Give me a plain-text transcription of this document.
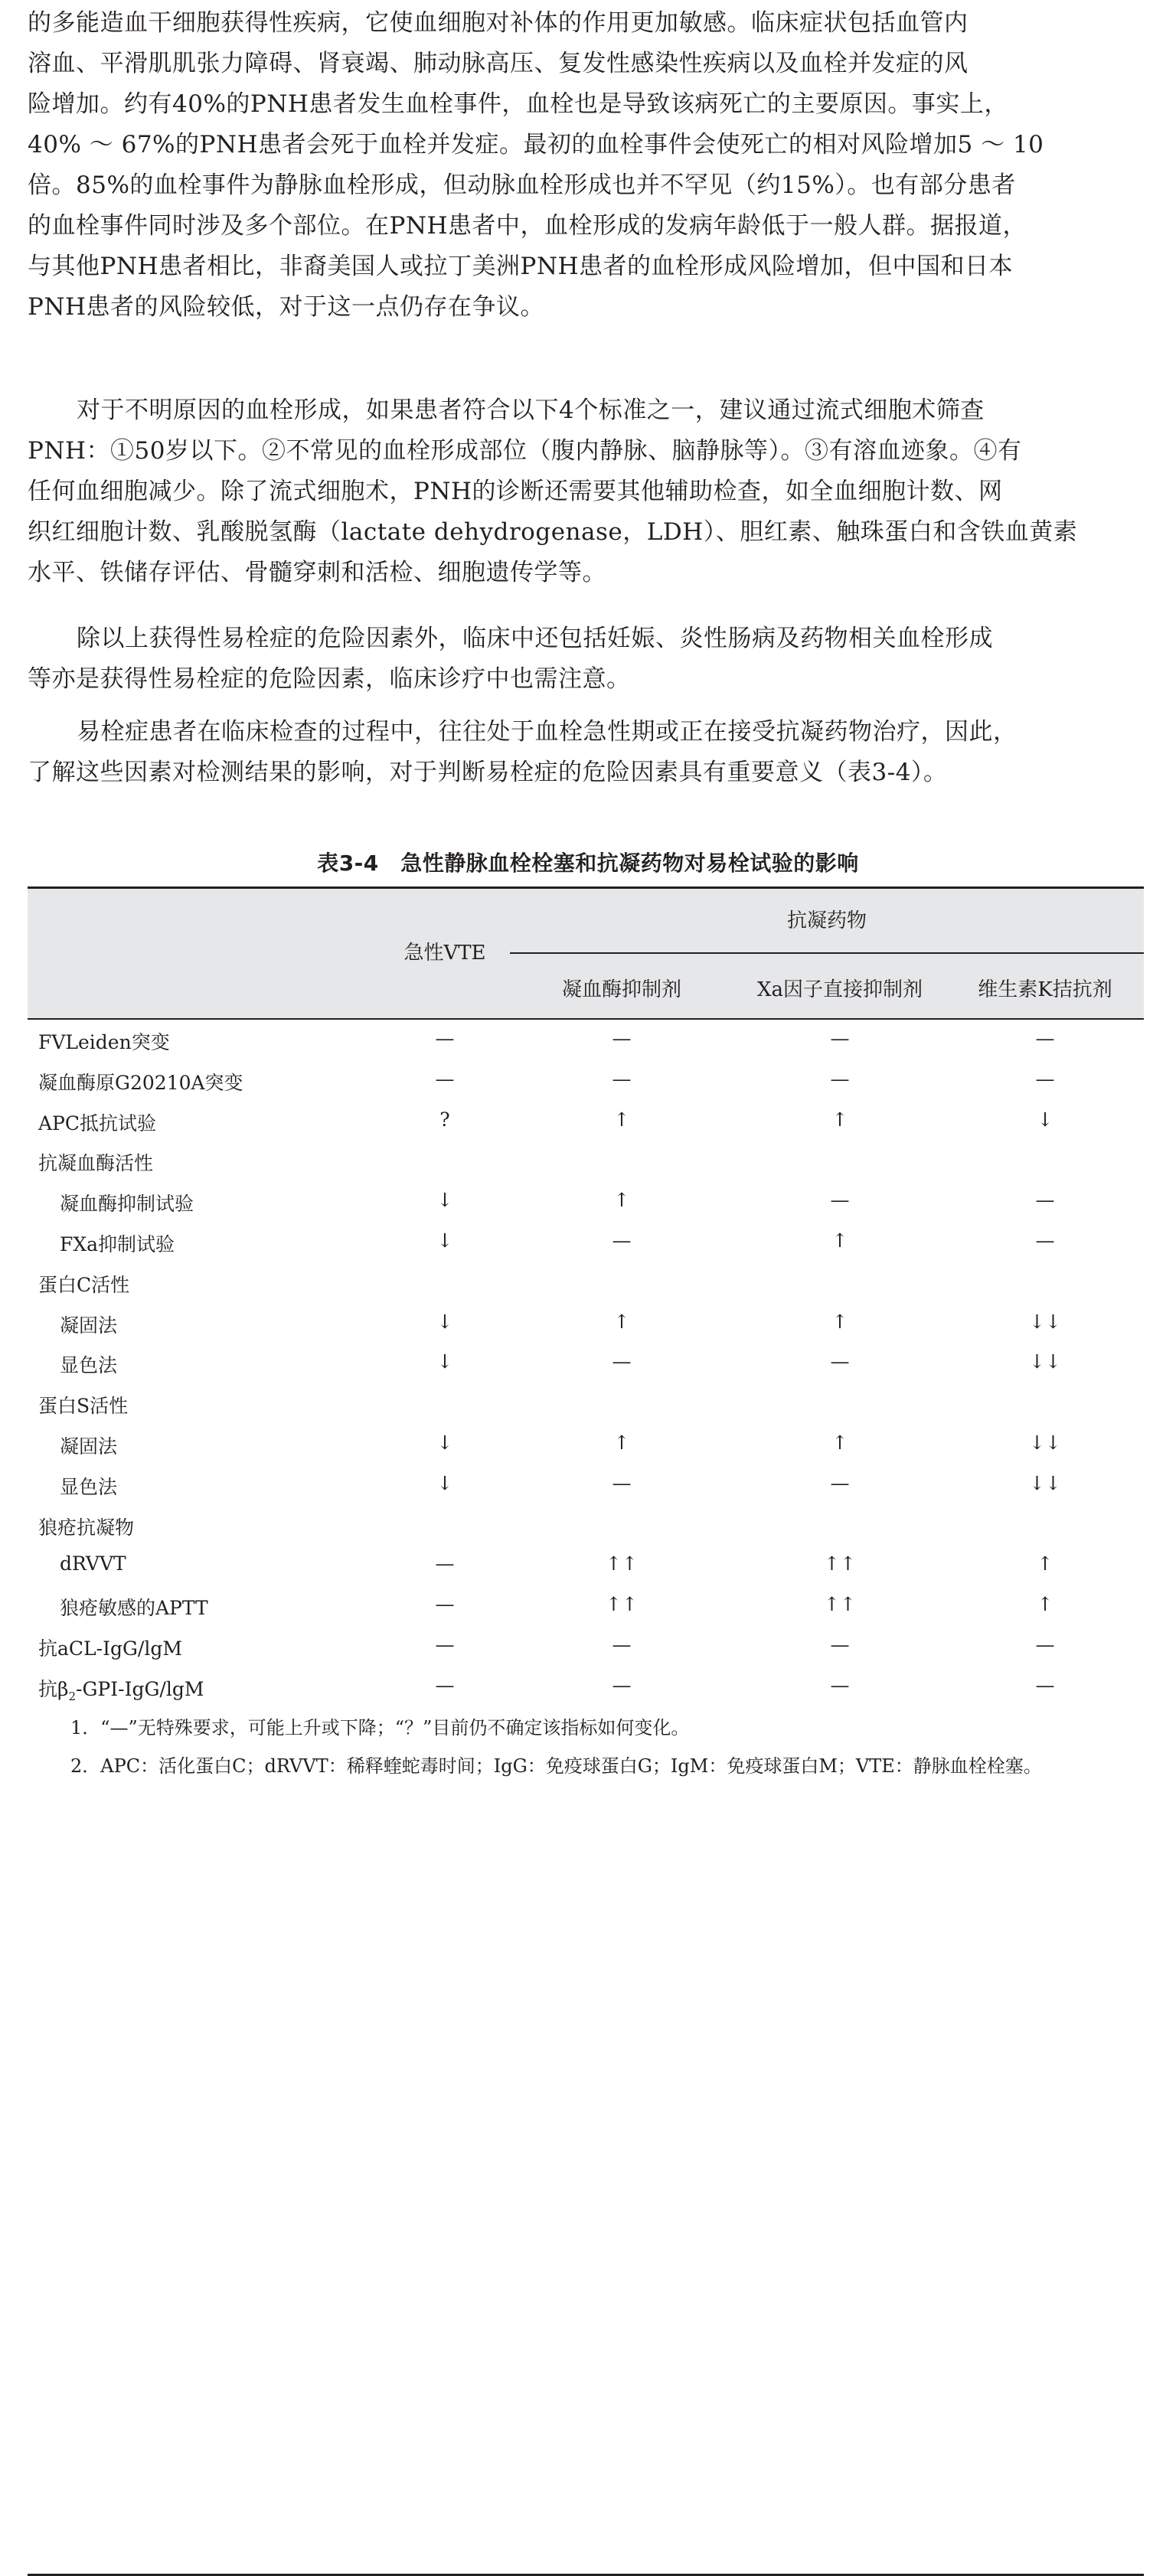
的多能造血干细胞获得性疾病，它使血细胞对补体的作用更加敏感。临床症状包括血管内
溶血、平滑肌肌张力障碍、肾衰竭、肺动脉高压、复发性感染性疾病以及血栓并发症的风
险增加。约有40%的PNH患者发生血栓事件，血栓也是导致该病死亡的主要原因。事实上，
40% ～ 67%的PNH患者会死于血栓并发症。最初的血栓事件会使死亡的相对风险增加5 ～ 10
倍。85%的血栓事件为静脉血栓形成，但动脉血栓形成也并不罕见（约15%）。也有部分患者
的血栓事件同时涉及多个部位。在PNH患者中，血栓形成的发病年龄低于一般人群。据报道，
与其他PNH患者相比，非裔美国人或拉丁美洲PNH患者的血栓形成风险增加，但中国和日本
PNH患者的风险较低，对于这一点仍存在争议。
对于不明原因的血栓形成，如果患者符合以下4个标准之一，建议通过流式细胞术筛查
PNH：①50岁以下。②不常见的血栓形成部位（腹内静脉、脑静脉等）。③有溶血迹象。④有
任何血细胞减少。除了流式细胞术，PNH的诊断还需要其他辅助检查，如全血细胞计数、网
织红细胞计数、乳酸脱氢酶（lactate dehydrogenase，LDH）、胆红素、触珠蛋白和含铁血黄素
水平、铁储存评估、骨髓穿刺和活检、细胞遗传学等。
除以上获得性易栓症的危险因素外，临床中还包括妊娠、炎性肠病及药物相关血栓形成
等亦是获得性易栓症的危险因素，临床诊疗中也需注意。
易栓症患者在临床检查的过程中，往往处于血栓急性期或正在接受抗凝药物治疗，因此，
了解这些因素对检测结果的影响，对于判断易栓症的危险因素具有重要意义（表3-4）。
表3-4　急性静脉血栓栓塞和抗凝药物对易栓试验的影响
急性VTE
抗凝药物
凝血酶抑制剂	Ⅹa因子直接抑制剂	维生素K拮抗剂
FⅤLeiden突变	—	—	—	—
凝血酶原G20210A突变	—	—	—	—
APC抵抗试验	?	↑	↑	↓
抗凝血酶活性
凝血酶抑制试验	↓	↑	—	—
FⅩa抑制试验	↓	—	↑	—
蛋白C活性
凝固法	↓	↑	↑	↓↓
显色法	↓	—	—	↓↓
蛋白S活性
凝固法	↓	↑	↑	↓↓
显色法	↓	—	—	↓↓
狼疮抗凝物
dRVVT	—	↑↑	↑↑	↑
狼疮敏感的APTT	—	↑↑	↑↑	↑
抗aCL-IgG/lgM	—	—	—	—
抗$\beta_2-GPⅠ-IgG$/lgM	—	—	—	—
1．“—”无特殊要求，可能上升或下降；“？”目前仍不确定该指标如何变化。
2．APC：活化蛋白C；dRVVT：稀释蝰蛇毒时间；IgG：免疫球蛋白G；IgM：免疫球蛋白M；VTE：静脉血栓栓塞。
